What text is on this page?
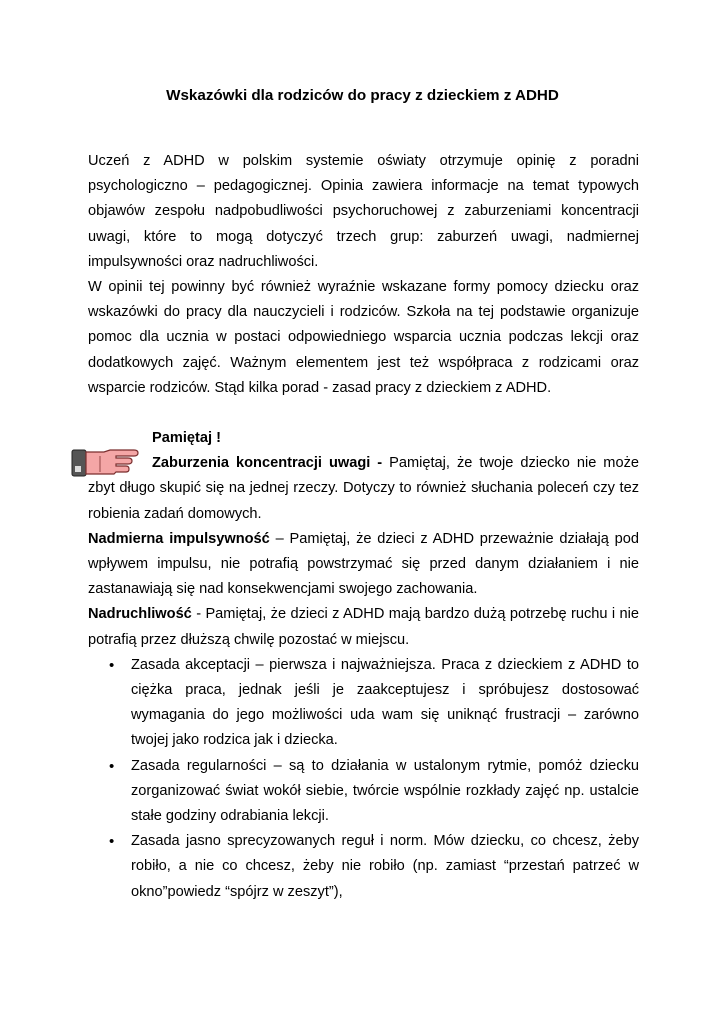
Wskazówki dla rodziców do pracy z dzieckiem z ADHD

Uczeń z ADHD w polskim systemie oświaty otrzymuje opinię z poradni psychologiczno – pedagogicznej. Opinia zawiera informacje na temat typowych objawów zespołu nadpobudliwości psychoruchowej z zaburzeniami koncentracji uwagi, które to mogą dotyczyć trzech grup: zaburzeń uwagi, nadmiernej impulsywności oraz nadruchliwości.

W opinii tej powinny być również wyraźnie wskazane formy pomocy dziecku oraz wskazówki do pracy dla nauczycieli i rodziców. Szkoła na tej podstawie organizuje pomoc dla ucznia w postaci odpowiedniego wsparcia ucznia podczas lekcji oraz dodatkowych zajęć. Ważnym elementem jest też współpraca z rodzicami oraz wsparcie rodziców. Stąd kilka porad - zasad pracy z dzieckiem z ADHD.

Pamiętaj !

Zaburzenia koncentracji uwagi - Pamiętaj, że twoje dziecko nie może zbyt długo skupić się na jednej rzeczy. Dotyczy to również słuchania poleceń czy tez robienia zadań domowych.

Nadmierna impulsywność – Pamiętaj, że dzieci z ADHD przeważnie działają pod wpływem impulsu, nie potrafią powstrzymać się przed danym działaniem i nie zastanawiają się nad konsekwencjami swojego zachowania.

Nadruchliwość - Pamiętaj, że dzieci z ADHD mają bardzo dużą potrzebę ruchu i nie potrafią przez dłuższą chwilę pozostać w miejscu.

• Zasada akceptacji – pierwsza i najważniejsza. Praca z dzieckiem z ADHD to ciężka praca, jednak jeśli je zaakceptujesz i spróbujesz dostosować wymagania do jego możliwości uda wam się uniknąć frustracji – zarówno twojej jako rodzica jak i dziecka.
• Zasada regularności – są to działania w ustalonym rytmie, pomóż dziecku zorganizować świat wokół siebie, twórcie wspólnie rozkłady zajęć np. ustalcie stałe godziny odrabiania lekcji.
• Zasada jasno sprecyzowanych reguł i norm. Mów dziecku, co chcesz, żeby robiło, a nie co chcesz, żeby nie robiło (np. zamiast “przestań patrzeć w okno”powiedz “spójrz w zeszyt”),
